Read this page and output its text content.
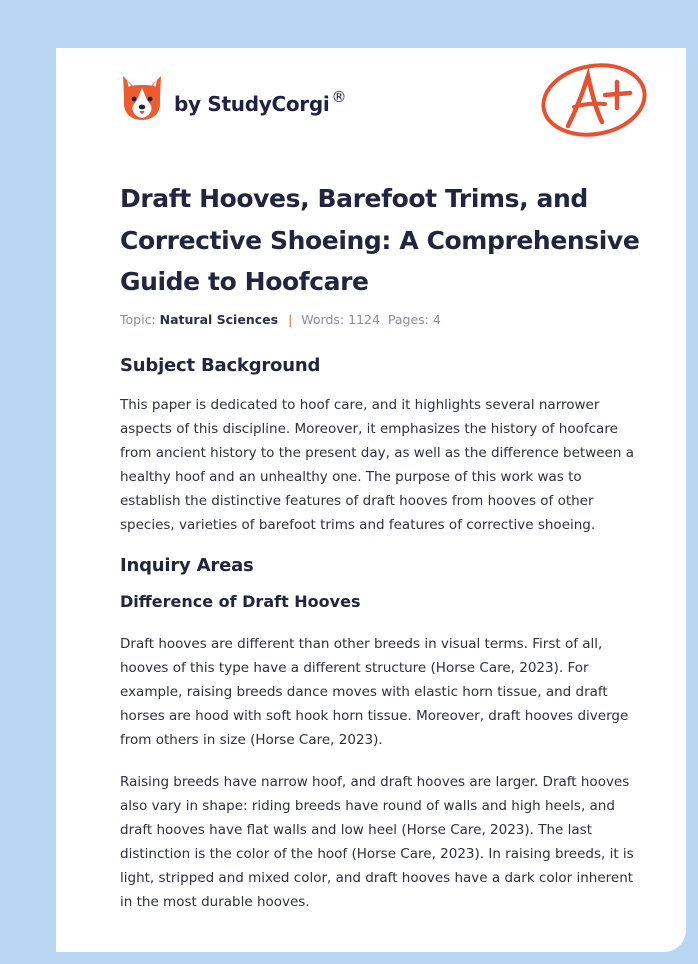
by StudyCorgi ®
Draft Hooves, Barefoot Trims, and Corrective Shoeing: A Comprehensive Guide to Hoofcare
Topic: Natural Sciences | Words: 1124 Pages: 4
Subject Background

This paper is dedicated to hoof care, and it highlights several narrower aspects of this discipline. Moreover, it emphasizes the history of hoofcare from ancient history to the present day, as well as the difference between a healthy hoof and an unhealthy one. The purpose of this work was to establish the distinctive features of draft hooves from hooves of other species, varieties of barefoot trims and features of corrective shoeing.

Inquiry Areas
Difference of Draft Hooves

Draft hooves are different than other breeds in visual terms. First of all, hooves of this type have a different structure (Horse Care, 2023). For example, raising breeds dance moves with elastic horn tissue, and draft horses are hood with soft hook horn tissue. Moreover, draft hooves diverge from others in size (Horse Care, 2023).

Raising breeds have narrow hoof, and draft hooves are larger. Draft hooves also vary in shape: riding breeds have round of walls and high heels, and draft hooves have flat walls and low heel (Horse Care, 2023). The last distinction is the color of the hoof (Horse Care, 2023). In raising breeds, it is light, stripped and mixed color, and draft hooves have a dark color inherent in the most durable hooves.
